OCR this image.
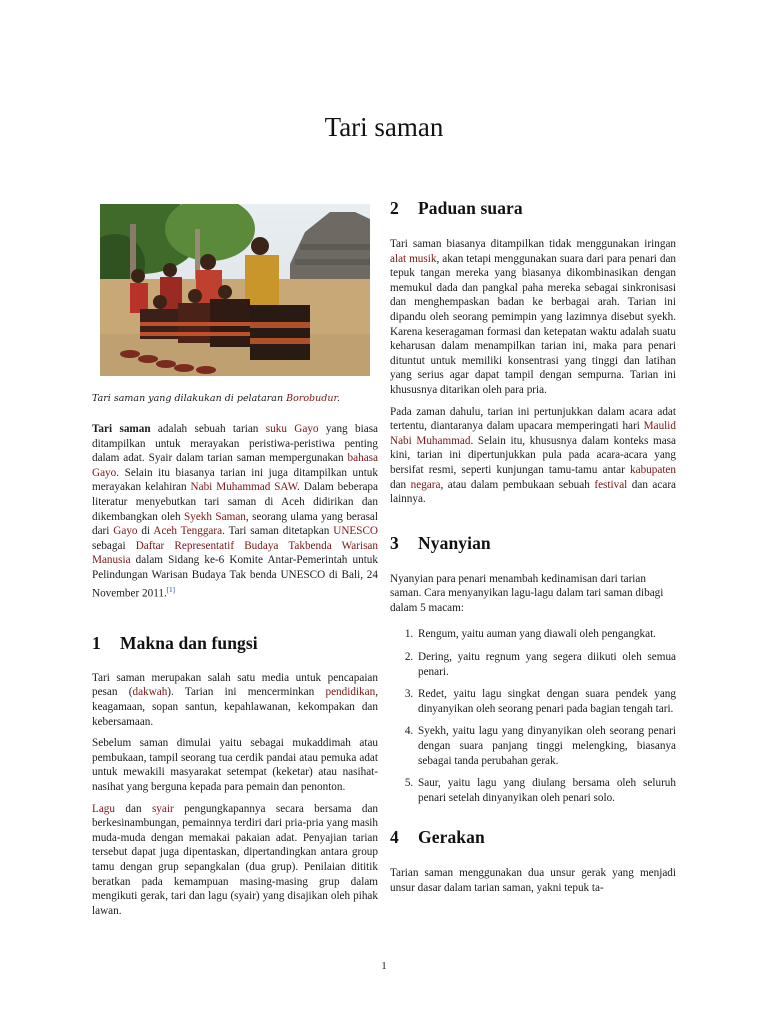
Tari saman
Tari saman yang dilakukan di pelataran Borobudur.

Tari saman adalah sebuah tarian suku Gayo yang biasa ditampilkan untuk merayakan peristiwa-peristiwa penting dalam adat. Syair dalam tarian saman mempergunakan bahasa Gayo. Selain itu biasanya tarian ini juga ditampilkan untuk merayakan kelahiran Nabi Muhammad SAW. Dalam beberapa literatur menyebutkan tari saman di Aceh didirikan dan dikembangkan oleh Syekh Saman, seorang ulama yang berasal dari Gayo di Aceh Tenggara. Tari saman ditetapkan UNESCO sebagai Daftar Representatif Budaya Takbenda Warisan Manusia dalam Sidang ke-6 Komite Antar-Pemerintah untuk Pelindungan Warisan Budaya Tak benda UNESCO di Bali, 24 November 2011.[1]

1 Makna dan fungsi

Tari saman merupakan salah satu media untuk pencapaian pesan (dakwah). Tarian ini mencerminkan pendidikan, keagamaan, sopan santun, kepahlawanan, kekompakan dan kebersamaan.

Sebelum saman dimulai yaitu sebagai mukaddimah atau pembukaan, tampil seorang tua cerdik pandai atau pemuka adat untuk mewakili masyarakat setempat (keketar) atau nasihat-nasihat yang berguna kepada para pemain dan penonton.

Lagu dan syair pengungkapannya secara bersama dan berkesinambungan, pemainnya terdiri dari pria-pria yang masih muda-muda dengan memakai pakaian adat. Penyajian tarian tersebut dapat juga dipentaskan, dipertandingkan antara group tamu dengan grup sepangkalan (dua grup). Penilaian dititik beratkan pada kemampuan masing-masing grup dalam mengikuti gerak, tari dan lagu (syair) yang disajikan oleh pihak lawan.

2 Paduan suara

Tari saman biasanya ditampilkan tidak menggunakan iringan alat musik, akan tetapi menggunakan suara dari para penari dan tepuk tangan mereka yang biasanya dikombinasikan dengan memukul dada dan pangkal paha mereka sebagai sinkronisasi dan menghempaskan badan ke berbagai arah. Tarian ini dipandu oleh seorang pemimpin yang lazimnya disebut syekh. Karena keseragaman formasi dan ketepatan waktu adalah suatu keharusan dalam menampilkan tarian ini, maka para penari dituntut untuk memiliki konsentrasi yang tinggi dan latihan yang serius agar dapat tampil dengan sempurna. Tarian ini khususnya ditarikan oleh para pria.

Pada zaman dahulu, tarian ini pertunjukkan dalam acara adat tertentu, diantaranya dalam upacara memperingati hari Maulid Nabi Muhammad. Selain itu, khususnya dalam konteks masa kini, tarian ini dipertunjukkan pula pada acara-acara yang bersifat resmi, seperti kunjungan tamu-tamu antar kabupaten dan negara, atau dalam pembukaan sebuah festival dan acara lainnya.

3 Nyanyian

Nyanyian para penari menambah kedinamisan dari tarian saman. Cara menyanyikan lagu-lagu dalam tari saman dibagi dalam 5 macam:

1. Rengum, yaitu auman yang diawali oleh pengangkat.
2. Dering, yaitu regnum yang segera diikuti oleh semua penari.
3. Redet, yaitu lagu singkat dengan suara pendek yang dinyanyikan oleh seorang penari pada bagian tengah tari.
4. Syekh, yaitu lagu yang dinyanyikan oleh seorang penari dengan suara panjang tinggi melengking, biasanya sebagai tanda perubahan gerak.
5. Saur, yaitu lagu yang diulang bersama oleh seluruh penari setelah dinyanyikan oleh penari solo.
4 Gerakan

Tarian saman menggunakan dua unsur gerak yang menjadi unsur dasar dalam tarian saman, yakni tepuk ta-

1
